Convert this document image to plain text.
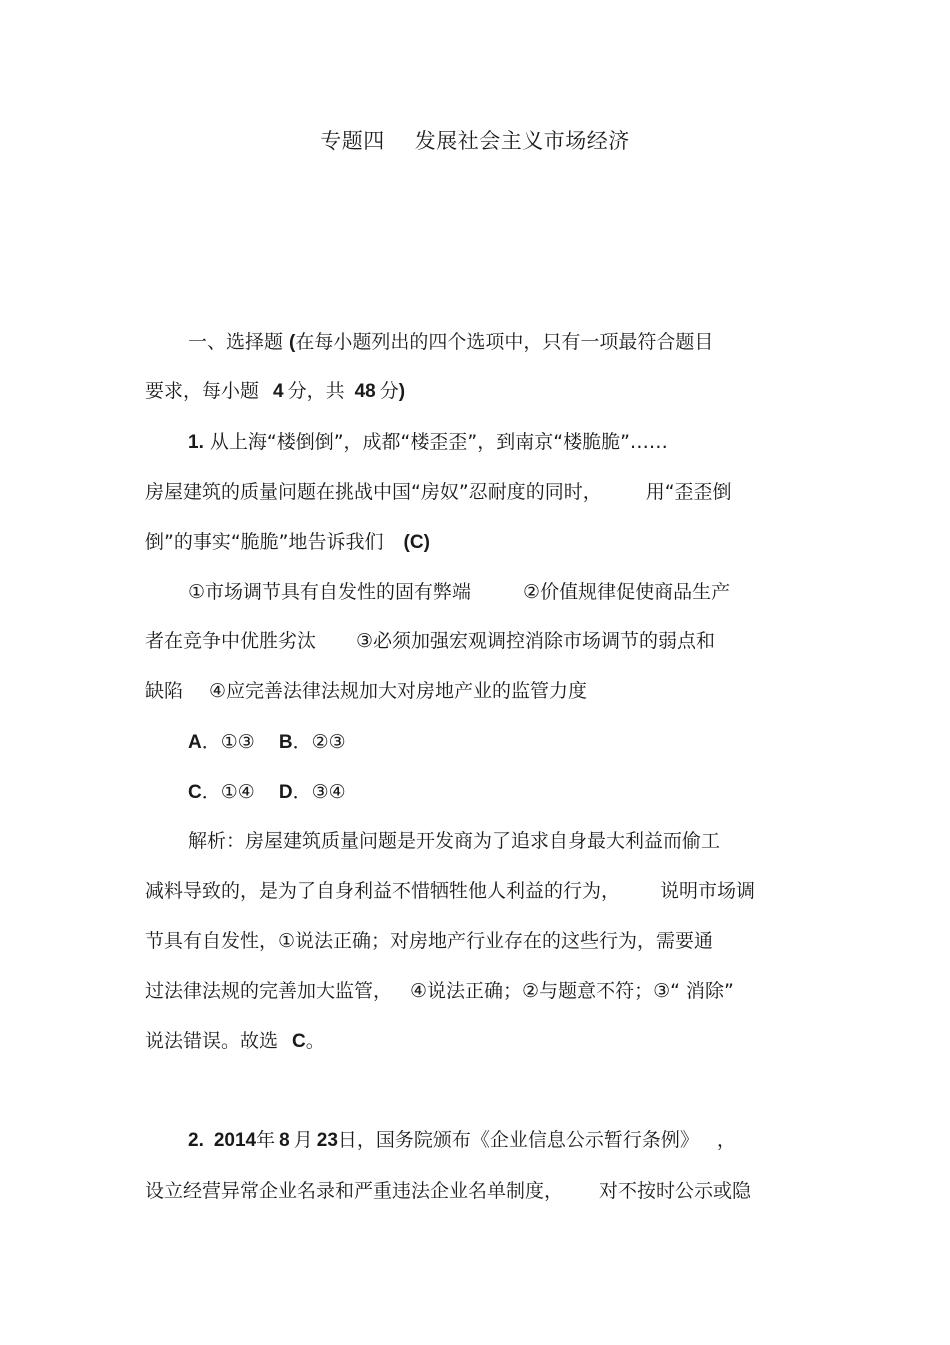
专题四 发展社会主义市场经济
一、选择题 (在每小题列出的四个选项中，只有一项最符合题目
要求，每小题 4 分，共 48 分)
1. 从上海“楼倒倒”，成都“楼歪歪”，到南京“楼脆脆”……
房屋建筑的质量问题在挑战中国“房奴”忍耐度的同时， 用“歪歪倒
倒”的事实“脆脆”地告诉我们 (C)
①市场调节具有自发性的固有弊端	②价值规律促使商品生产
者在竞争中优胜劣汰 ③必须加强宏观调控消除市场调节的弱点和
缺陷 ④应完善法律法规加大对房地产业的监管力度
A．①③ B．②③
C．①④ D．③④
解析：房屋建筑质量问题是开发商为了追求自身最大利益而偷工
减料导致的，是为了自身利益不惜牺牲他人利益的行为， 说明市场调
节具有自发性，①说法正确；对房地产行业存在的这些行为，需要通
过法律法规的完善加大监管， ④说法正确；②与题意不符；③“ 消除”
说法错误。故选 C。
2. 2014年 8 月 23日，国务院颁布《企业信息公示暂行条例》 ，
设立经营异常企业名录和严重违法企业名单制度， 对不按时公示或隐
